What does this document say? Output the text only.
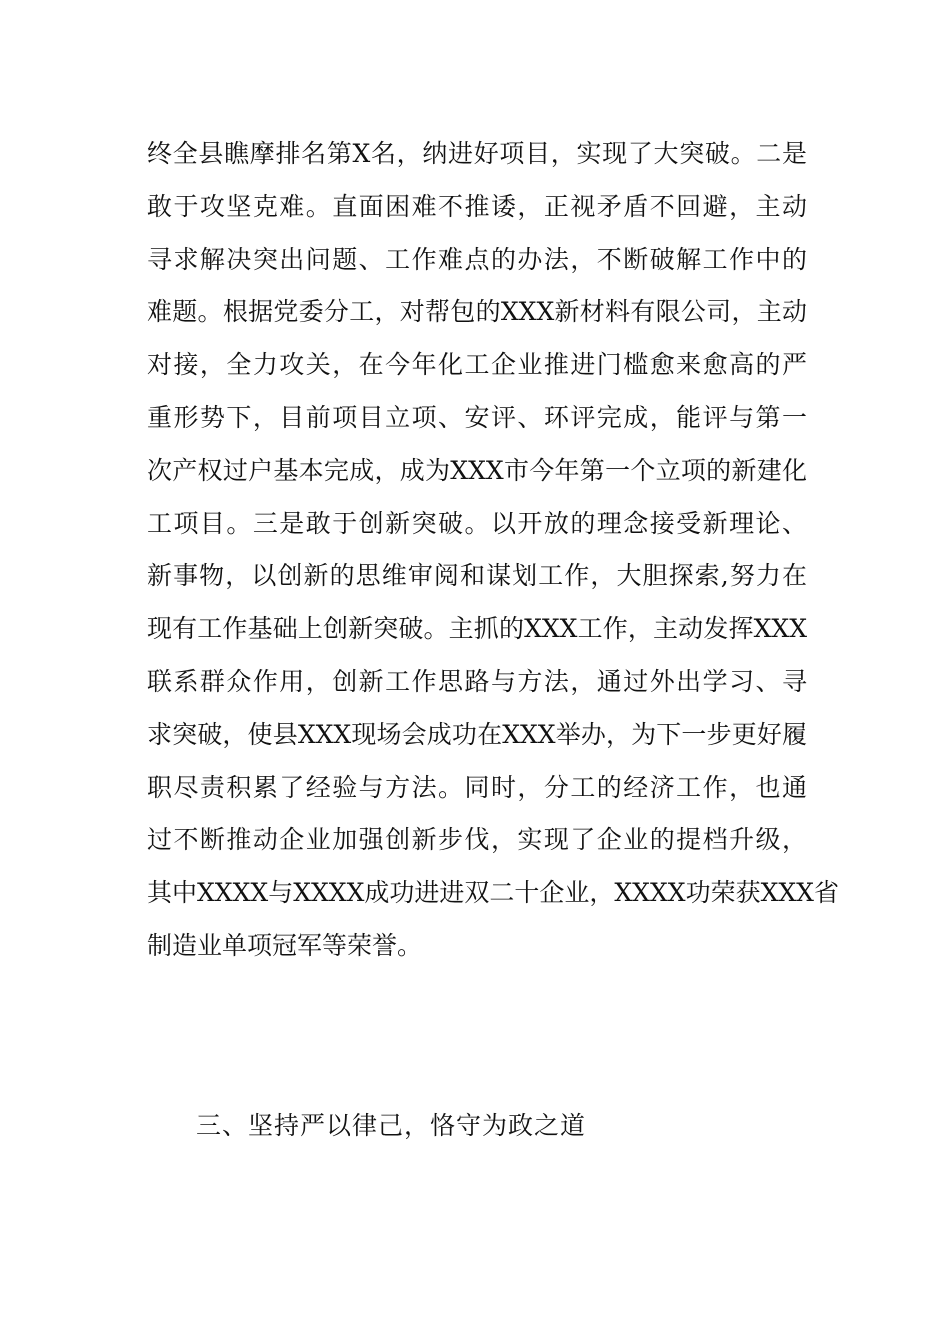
终全县瞧摩排名第X名，纳进好项目，实现了大突破。二是
敢于攻坚克难。直面困难不推诿，正视矛盾不回避，主动
寻求解决突出问题、工作难点的办法，不断破解工作中的
难题。根据党委分工，对帮包的XXX新材料有限公司，主动
对接，全力攻关，在今年化工企业推进门槛愈来愈高的严
重形势下，目前项目立项、安评、环评完成，能评与第一
次产权过户基本完成，成为XXX市今年第一个立项的新建化
工项目。三是敢于创新突破。以开放的理念接受新理论、
新事物，以创新的思维审阅和谋划工作，大胆探索,努力在
现有工作基础上创新突破。主抓的XXX工作，主动发挥XXX
联系群众作用，创新工作思路与方法，通过外出学习、寻
求突破，使县XXX现场会成功在XXX举办，为下一步更好履
职尽责积累了经验与方法。同时，分工的经济工作，也通
过不断推动企业加强创新步伐，实现了企业的提档升级，
其中XXXX与XXXX成功进进双二十企业，XXXX功荣获XXX省
制造业单项冠军等荣誉。
三、坚持严以律己，恪守为政之道
